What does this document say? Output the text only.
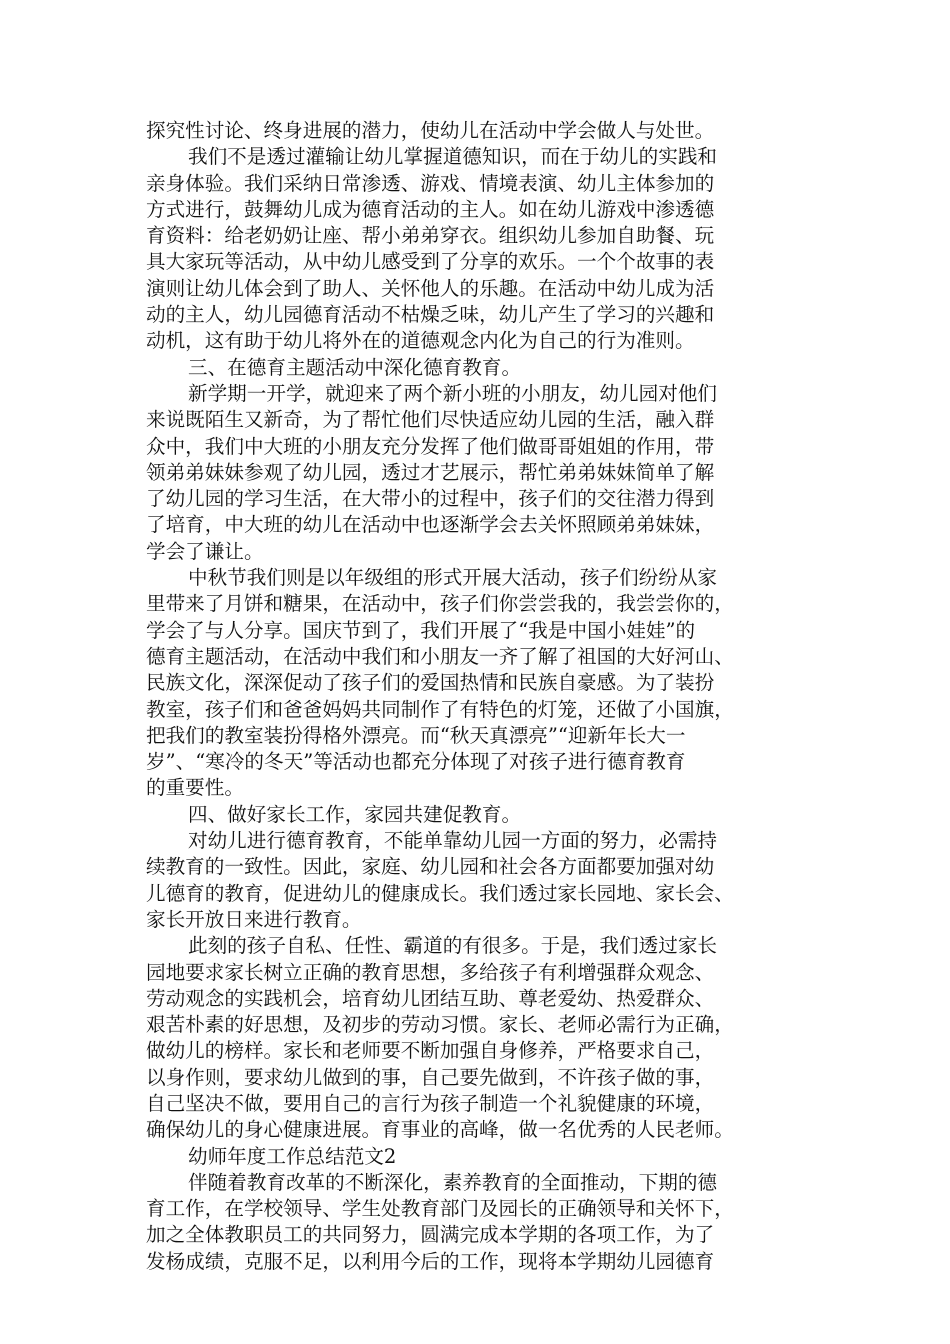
探究性讨论、终身进展的潜力，使幼儿在活动中学会做人与处世。
我们不是透过灌输让幼儿掌握道德知识，而在于幼儿的实践和
亲身体验。我们采纳日常渗透、游戏、情境表演、幼儿主体参加的
方式进行，鼓舞幼儿成为德育活动的主人。如在幼儿游戏中渗透德
育资料：给老奶奶让座、帮小弟弟穿衣。组织幼儿参加自助餐、玩
具大家玩等活动，从中幼儿感受到了分享的欢乐。一个个故事的表
演则让幼儿体会到了助人、关怀他人的乐趣。在活动中幼儿成为活
动的主人，幼儿园德育活动不枯燥乏味，幼儿产生了学习的兴趣和
动机，这有助于幼儿将外在的道德观念内化为自己的行为准则。
三、在德育主题活动中深化德育教育。
新学期一开学，就迎来了两个新小班的小朋友，幼儿园对他们
来说既陌生又新奇，为了帮忙他们尽快适应幼儿园的生活，融入群
众中，我们中大班的小朋友充分发挥了他们做哥哥姐姐的作用，带
领弟弟妹妹参观了幼儿园，透过才艺展示，帮忙弟弟妹妹简单了解
了幼儿园的学习生活，在大带小的过程中，孩子们的交往潜力得到
了培育，中大班的幼儿在活动中也逐渐学会去关怀照顾弟弟妹妹，
学会了谦让。
中秋节我们则是以年级组的形式开展大活动，孩子们纷纷从家
里带来了月饼和糖果，在活动中，孩子们你尝尝我的，我尝尝你的，
学会了与人分享。国庆节到了，我们开展了“我是中国小娃娃”的
德育主题活动，在活动中我们和小朋友一齐了解了祖国的大好河山、
民族文化，深深促动了孩子们的爱国热情和民族自豪感。为了装扮
教室，孩子们和爸爸妈妈共同制作了有特色的灯笼，还做了小国旗，
把我们的教室装扮得格外漂亮。而“秋天真漂亮”“迎新年长大一
岁”、“寒冷的冬天”等活动也都充分体现了对孩子进行德育教育
的重要性。
四、做好家长工作，家园共建促教育。
对幼儿进行德育教育，不能单靠幼儿园一方面的努力，必需持
续教育的一致性。因此，家庭、幼儿园和社会各方面都要加强对幼
儿德育的教育，促进幼儿的健康成长。我们透过家长园地、家长会、
家长开放日来进行教育。
此刻的孩子自私、任性、霸道的有很多。于是，我们透过家长
园地要求家长树立正确的教育思想，多给孩子有利增强群众观念、
劳动观念的实践机会，培育幼儿团结互助、尊老爱幼、热爱群众、
艰苦朴素的好思想，及初步的劳动习惯。家长、老师必需行为正确，
做幼儿的榜样。家长和老师要不断加强自身修养，严格要求自己，
以身作则，要求幼儿做到的事，自己要先做到，不许孩子做的事，
自己坚决不做，要用自己的言行为孩子制造一个礼貌健康的环境，
确保幼儿的身心健康进展。育事业的高峰，做一名优秀的人民老师。
幼师年度工作总结范文2
伴随着教育改革的不断深化，素养教育的全面推动，下期的德
育工作，在学校领导、学生处教育部门及园长的正确领导和关怀下，
加之全体教职员工的共同努力，圆满完成本学期的各项工作，为了
发杨成绩，克服不足，以利用今后的工作，现将本学期幼儿园德育
